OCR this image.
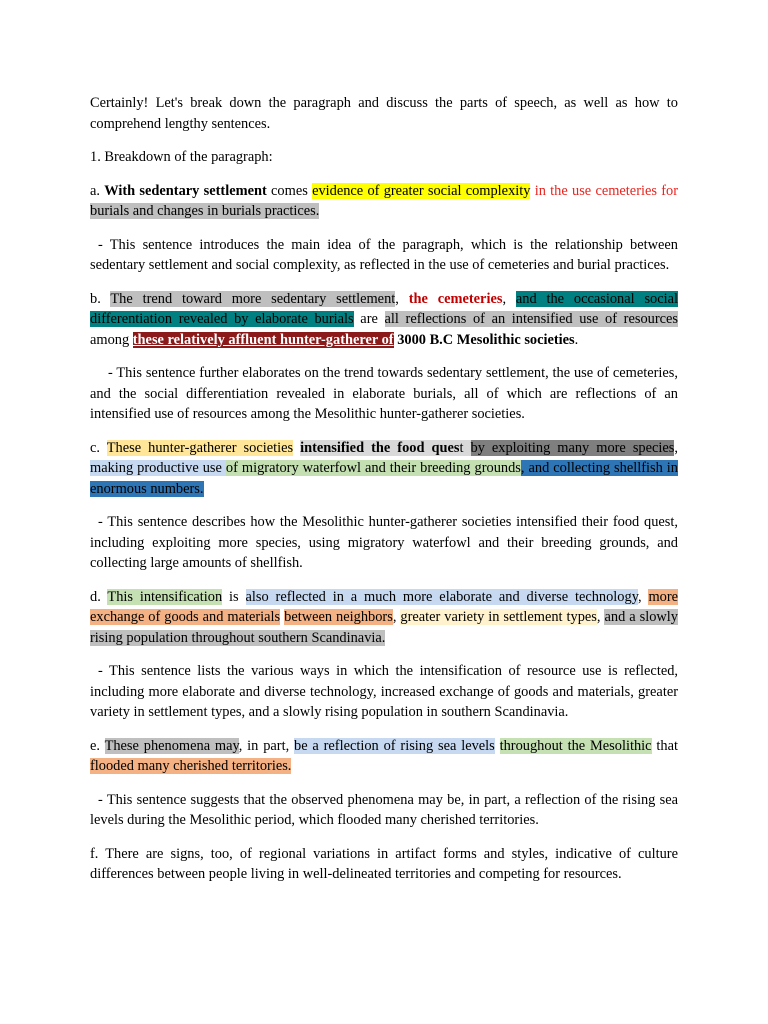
Certainly! Let's break down the paragraph and discuss the parts of speech, as well as how to comprehend lengthy sentences.

1. Breakdown of the paragraph:

a. With sedentary settlement comes evidence of greater social complexity in the use cemeteries for burials and changes in burials practices.

- This sentence introduces the main idea of the paragraph, which is the relationship between sedentary settlement and social complexity, as reflected in the use of cemeteries and burial practices.

b. The trend toward more sedentary settlement, the cemeteries, and the occasional social differentiation revealed by elaborate burials are all reflections of an intensified use of resources among these relatively affluent hunter-gatherer of 3000 B.C Mesolithic societies.

- This sentence further elaborates on the trend towards sedentary settlement, the use of cemeteries, and the social differentiation revealed in elaborate burials, all of which are reflections of an intensified use of resources among the Mesolithic hunter-gatherer societies.

c. These hunter-gatherer societies intensified the food quest by exploiting many more species, making productive use of migratory waterfowl and their breeding grounds, and collecting shellfish in enormous numbers.

- This sentence describes how the Mesolithic hunter-gatherer societies intensified their food quest, including exploiting more species, using migratory waterfowl and their breeding grounds, and collecting large amounts of shellfish.

d. This intensification is also reflected in a much more elaborate and diverse technology, more exchange of goods and materials between neighbors, greater variety in settlement types, and a slowly rising population throughout southern Scandinavia.

- This sentence lists the various ways in which the intensification of resource use is reflected, including more elaborate and diverse technology, increased exchange of goods and materials, greater variety in settlement types, and a slowly rising population in southern Scandinavia.

e. These phenomena may, in part, be a reflection of rising sea levels throughout the Mesolithic that flooded many cherished territories.

- This sentence suggests that the observed phenomena may be, in part, a reflection of the rising sea levels during the Mesolithic period, which flooded many cherished territories.

f. There are signs, too, of regional variations in artifact forms and styles, indicative of culture differences between people living in well-delineated territories and competing for resources.
